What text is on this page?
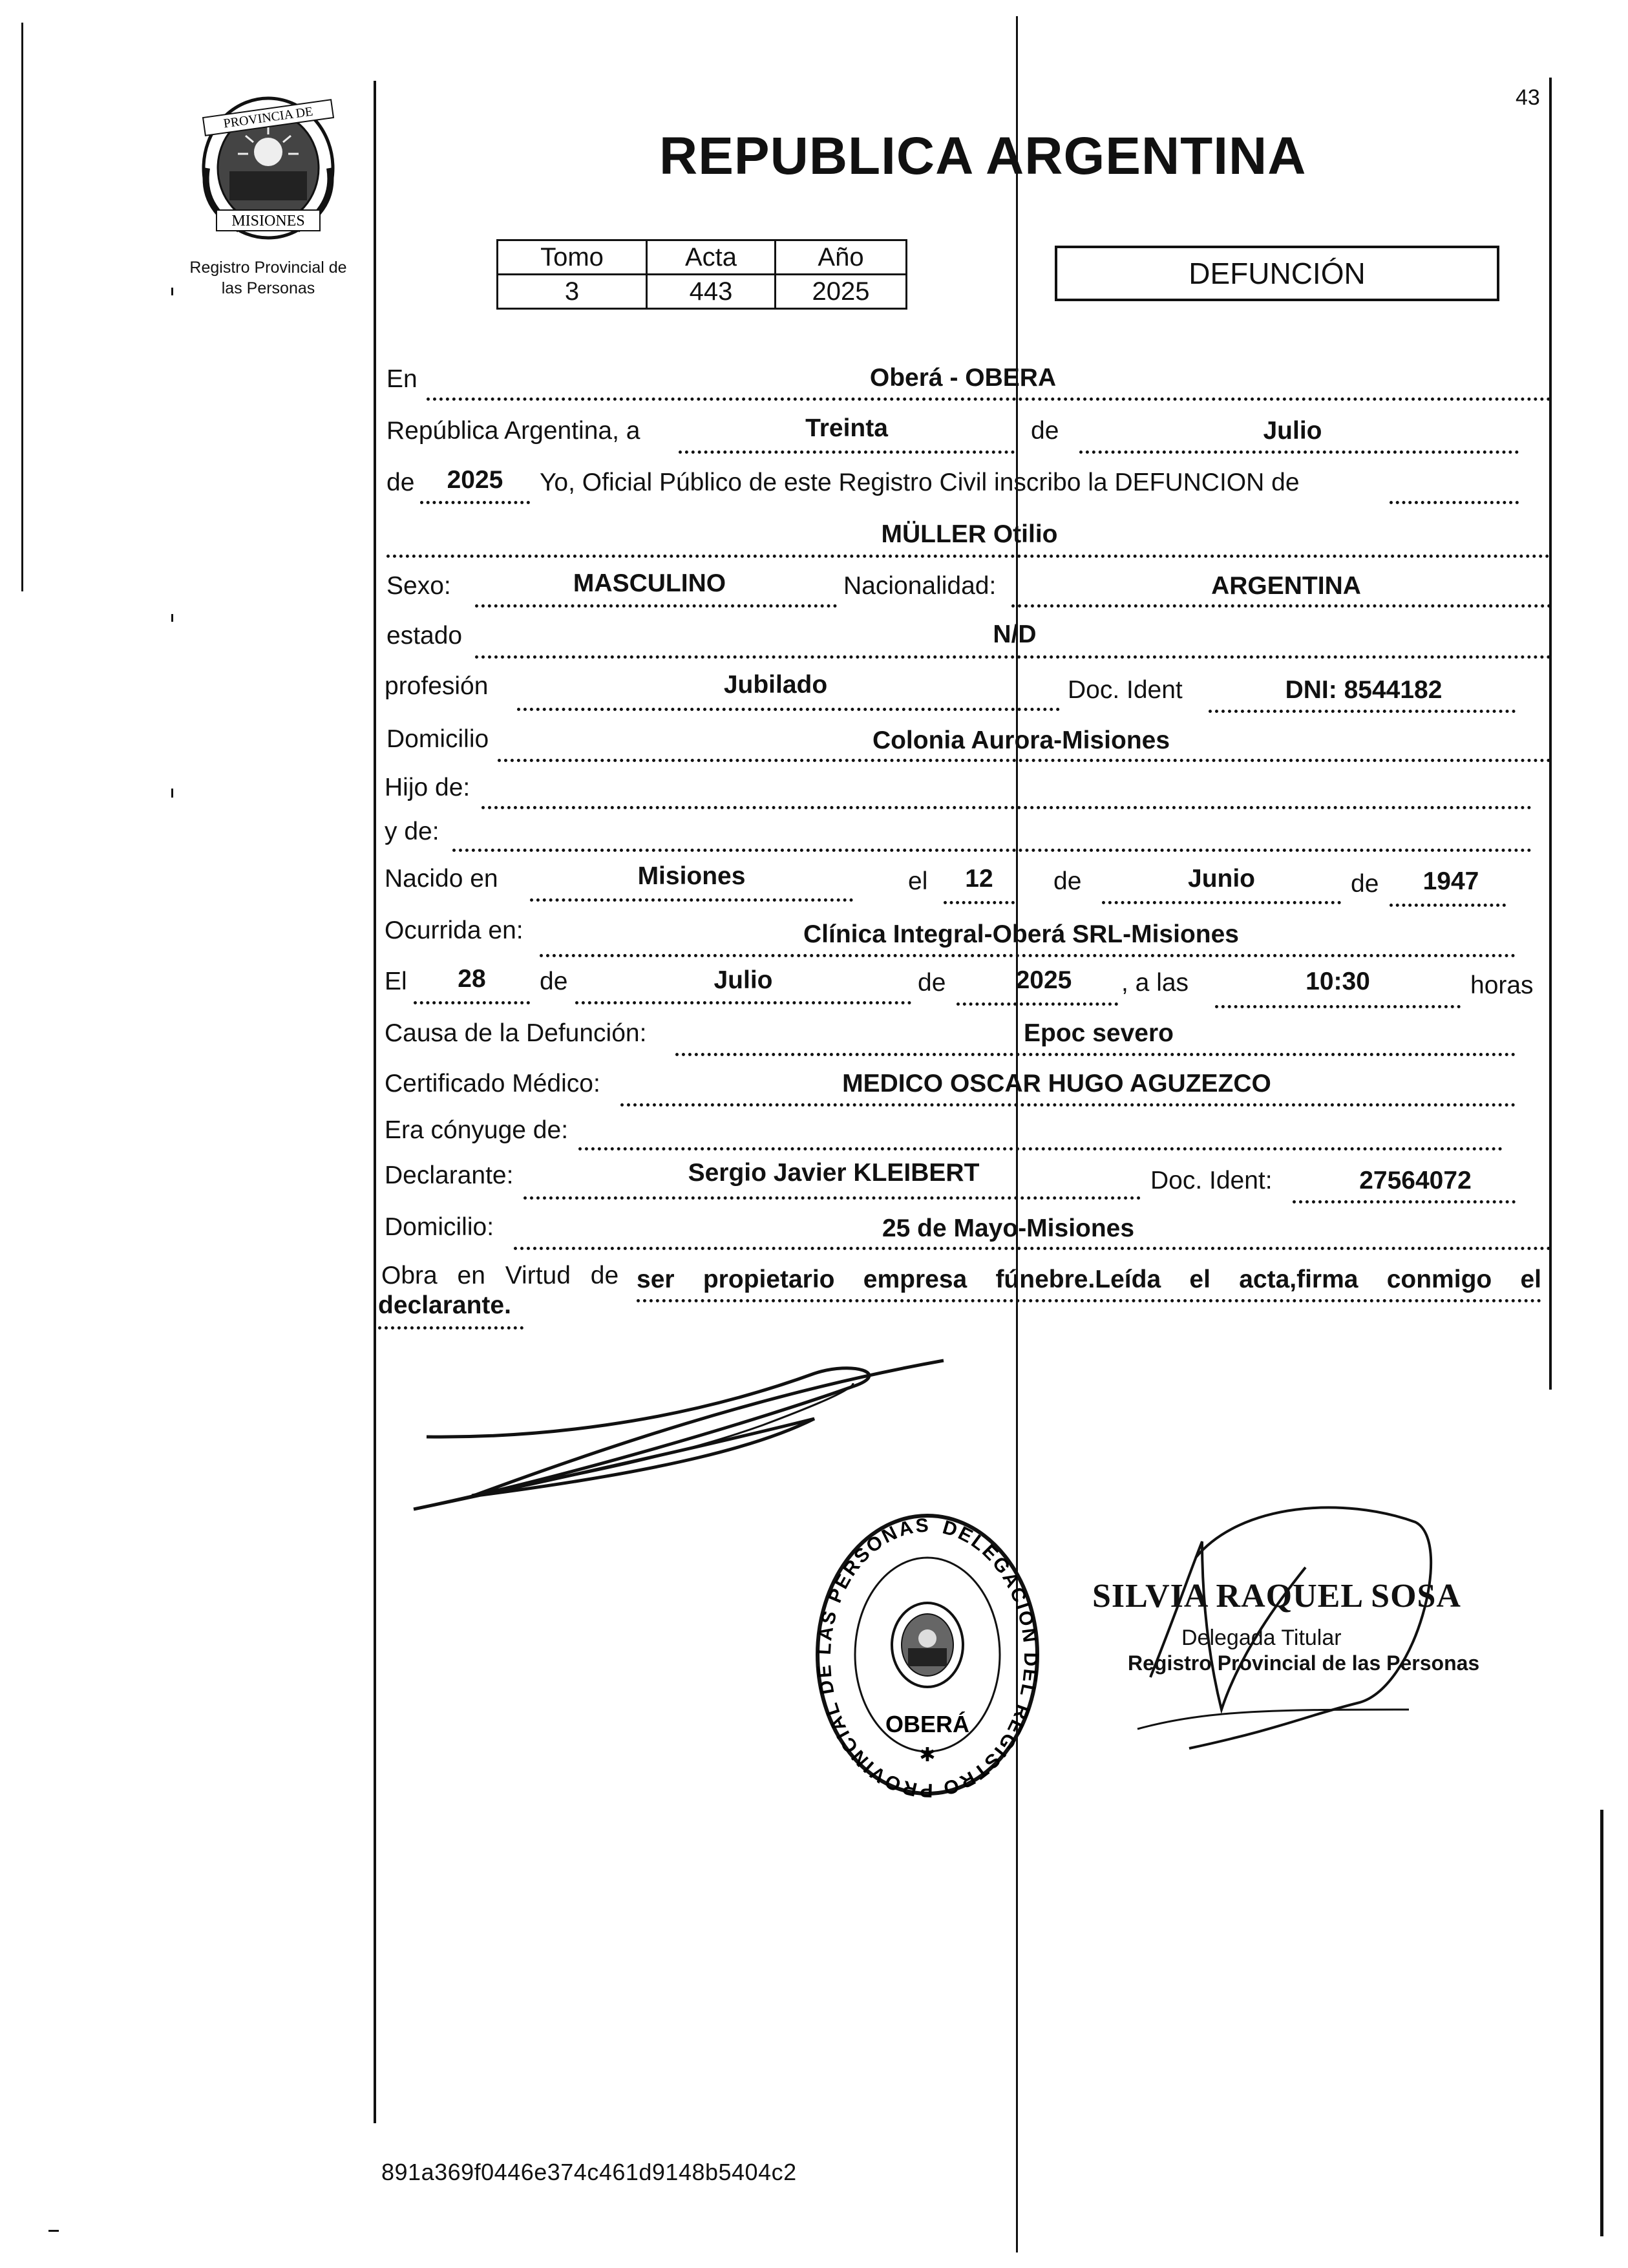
PROVINCIA DE
MISIONES
Registro Provincial de
las Personas
43
REPUBLICA ARGENTINA
Tomo	Acta	Año
3	443	2025
DEFUNCIÓN
En	Oberá - OBERA
República Argentina, a	Treinta	de	Julio
de	2025	Yo, Oficial Público de este Registro Civil inscribo la DEFUNCION de
MÜLLER Otilio
Sexo:	MASCULINO	Nacionalidad:	ARGENTINA
estado	N/D
profesión	Jubilado	Doc. Ident	DNI: 8544182
Domicilio	Colonia Aurora-Misiones
Hijo de:
y de:
Nacido en	Misiones	el	12	de	Junio	de	1947
Ocurrida en:	Clínica Integral-Oberá SRL-Misiones
El	28	de	Julio	de	2025	, a las	10:30	horas
Causa de la Defunción:	Epoc severo
Certificado Médico:	MEDICO OSCAR HUGO AGUZEZCO
Era cónyuge de:
Declarante:	Sergio Javier KLEIBERT	Doc. Ident:	27564072
Domicilio:	25 de Mayo-Misiones
Obra en Virtud de ser propietario empresa fúnebre.Leída el acta,firma conmigo el
declarante.
DELEGACION DEL REGISTRO PROVINCIAL DE LAS PERSONAS
OBERÁ
✱
SILVIA RAQUEL SOSA
Delegada Titular
Registro Provincial de las Personas
891a369f0446e374c461d9148b5404c2
